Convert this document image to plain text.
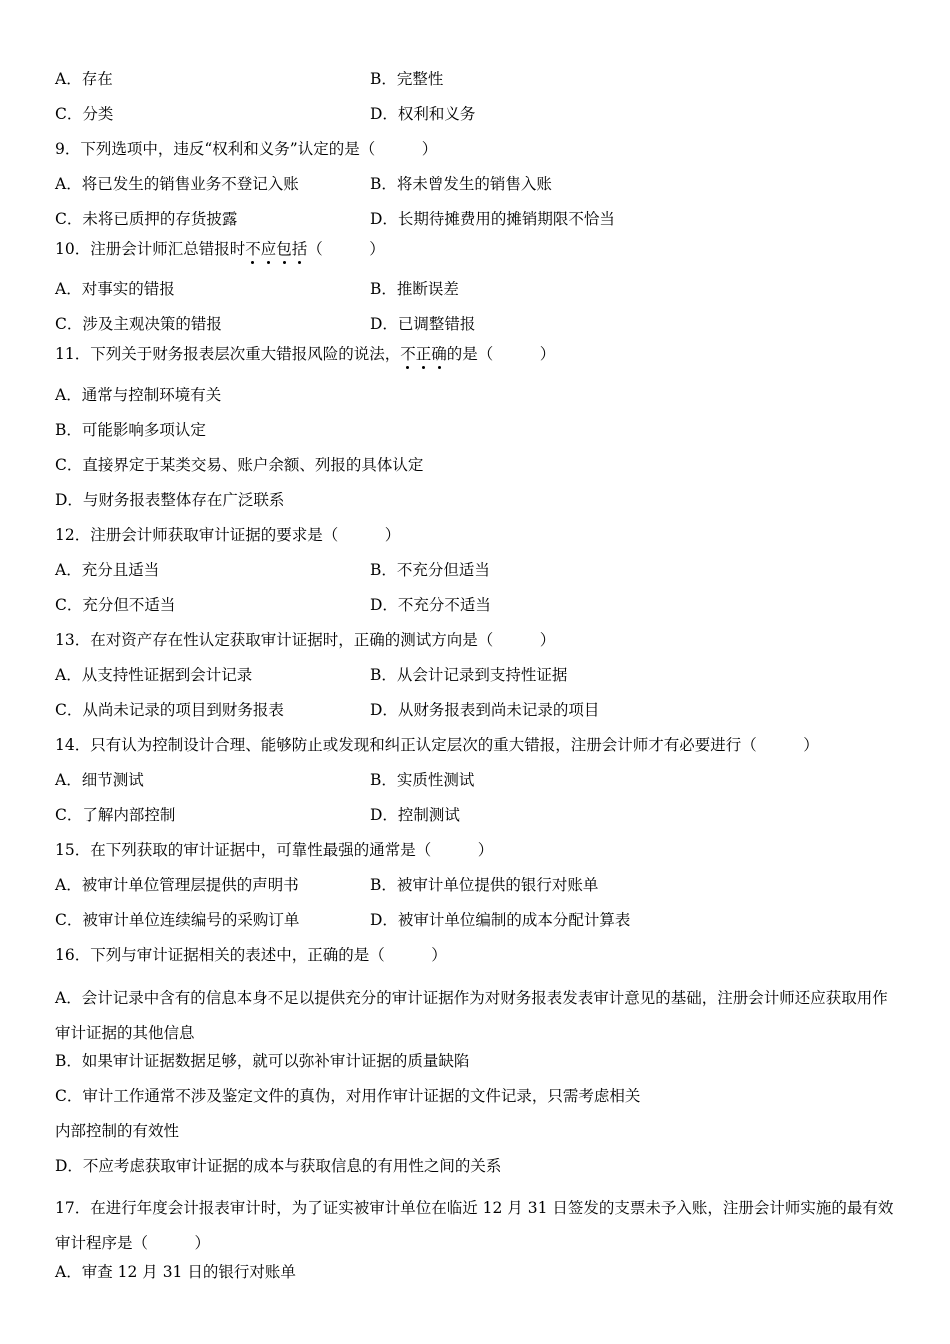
A．存在	B．完整性
C．分类	D．权利和义务
9．下列选项中，违反“权利和义务”认定的是（　　　）
A．将已发生的销售业务不登记入账	B．将未曾发生的销售入账
C．未将已质押的存货披露	D．长期待摊费用的摊销期限不恰当
10．注册会计师汇总错报时不应包括（　　　）
A．对事实的错报	B．推断误差
C．涉及主观决策的错报	D．已调整错报
11．下列关于财务报表层次重大错报风险的说法，不正确的是（　　　）
A．通常与控制环境有关
B．可能影响多项认定
C．直接界定于某类交易、账户余额、列报的具体认定
D．与财务报表整体存在广泛联系
12．注册会计师获取审计证据的要求是（　　　）
A．充分且适当	B．不充分但适当
C．充分但不适当	D．不充分不适当
13．在对资产存在性认定获取审计证据时，正确的测试方向是（　　　）
A．从支持性证据到会计记录	B．从会计记录到支持性证据
C．从尚未记录的项目到财务报表	D．从财务报表到尚未记录的项目
14．只有认为控制设计合理、能够防止或发现和纠正认定层次的重大错报，注册会计师才有必要进行（　　　）
A．细节测试	B．实质性测试
C．了解内部控制	D．控制测试
15．在下列获取的审计证据中，可靠性最强的通常是（　　　）
A．被审计单位管理层提供的声明书	B．被审计单位提供的银行对账单
C．被审计单位连续编号的采购订单	D．被审计单位编制的成本分配计算表
16．下列与审计证据相关的表述中，正确的是（　　　）
A．会计记录中含有的信息本身不足以提供充分的审计证据作为对财务报表发表审计意见的基础，注册会计师还应获取用作审计证据的其他信息
B．如果审计证据数据足够，就可以弥补审计证据的质量缺陷
C．审计工作通常不涉及鉴定文件的真伪，对用作审计证据的文件记录，只需考虑相关
内部控制的有效性
D．不应考虑获取审计证据的成本与获取信息的有用性之间的关系
17．在进行年度会计报表审计时，为了证实被审计单位在临近 12 月 31 日签发的支票未予入账，注册会计师实施的最有效审计程序是（　　　）
A．审查 12 月 31 日的银行对账单
